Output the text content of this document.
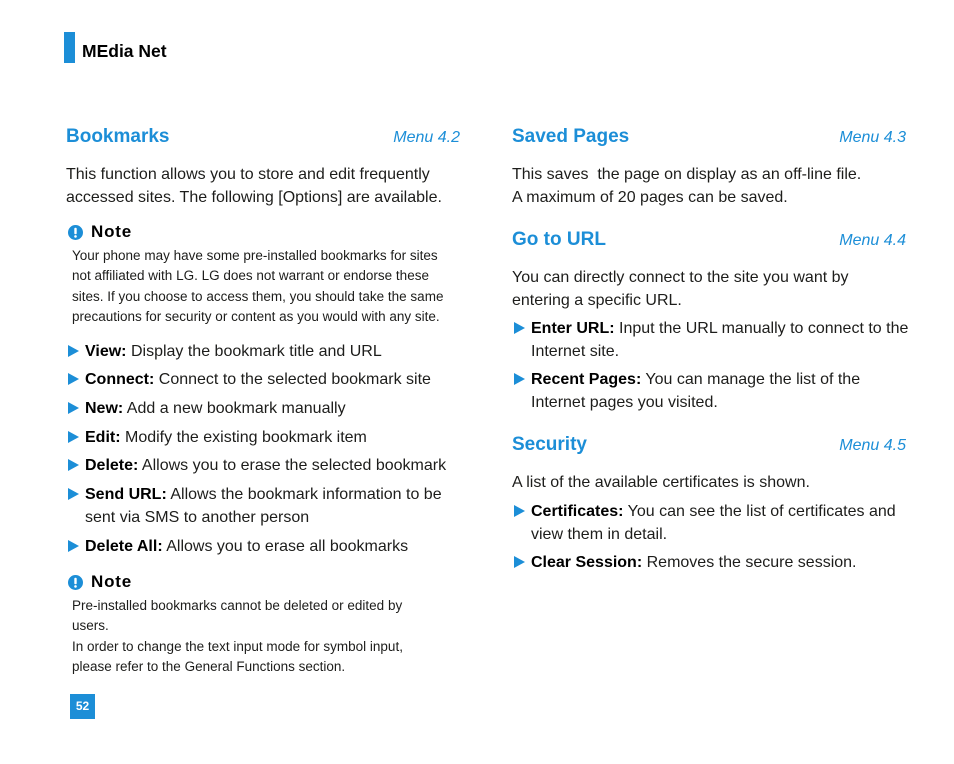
MEdia Net
Bookmarks	Menu 4.2
This function allows you to store and edit frequently
accessed sites. The following [Options] are available.
Note
Your phone may have some pre-installed bookmarks for sites
not affiliated with LG. LG does not warrant or endorse these
sites. If you choose to access them, you should take the same
precautions for security or content as you would with any site.
View: Display the bookmark title and URL
Connect: Connect to the selected bookmark site
New: Add a new bookmark manually
Edit: Modify the existing bookmark item
Delete: Allows you to erase the selected bookmark
Send URL: Allows the bookmark information to be
sent via SMS to another person
Delete All: Allows you to erase all bookmarks
Note
Pre-installed bookmarks cannot be deleted or edited by
users.
In order to change the text input mode for symbol input,
please refer to the General Functions section.
52
Saved Pages	Menu 4.3
This saves  the page on display as an off-line file.
A maximum of 20 pages can be saved.
Go to URL	Menu 4.4
You can directly connect to the site you want by
entering a specific URL.
Enter URL: Input the URL manually to connect to the
Internet site.
Recent Pages: You can manage the list of the
Internet pages you visited.
Security	Menu 4.5
A list of the available certificates is shown.
Certificates: You can see the list of certificates and
view them in detail.
Clear Session: Removes the secure session.
